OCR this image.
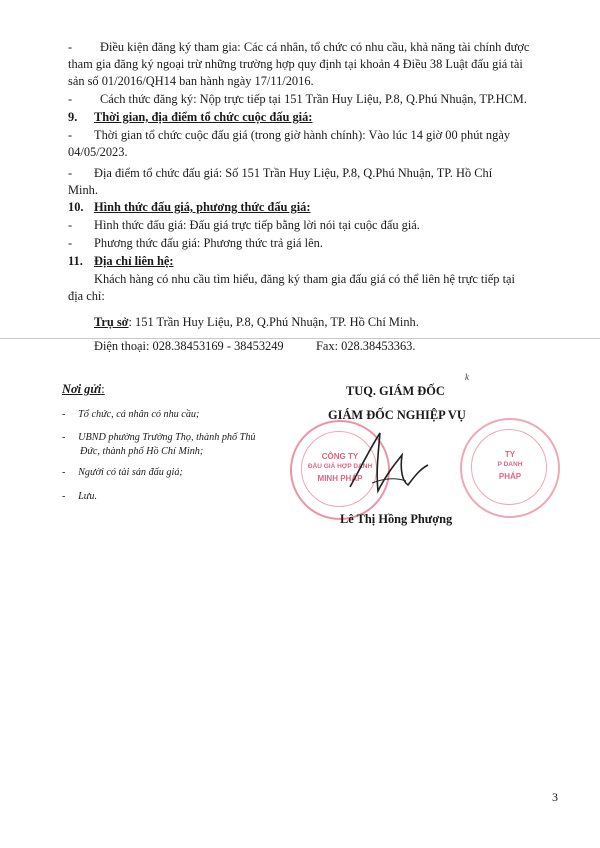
- Điều kiện đăng ký tham gia: Các cá nhân, tổ chức có nhu cầu, khả năng tài chính được
tham gia đăng ký ngoại trừ những trường hợp quy định tại khoản 4 Điều 38 Luật đấu giá tài
sản số 01/2016/QH14 ban hành ngày 17/11/2016.
- Cách thức đăng ký: Nộp trực tiếp tại 151 Trần Huy Liệu, P.8, Q.Phú Nhuận, TP.HCM.
9. Thời gian, địa điểm tổ chức cuộc đấu giá:
- Thời gian tổ chức cuộc đấu giá (trong giờ hành chính): Vào lúc 14 giờ 00 phút ngày
04/05/2023.
- Địa điểm tổ chức đấu giá: Số 151 Trần Huy Liệu, P.8, Q.Phú Nhuận, TP. Hồ Chí
Minh.
10. Hình thức đấu giá, phương thức đấu giá:
- Hình thức đấu giá: Đấu giá trực tiếp bằng lời nói tại cuộc đấu giá.
- Phương thức đấu giá: Phương thức trả giá lên.
11. Địa chỉ liên hệ:
Khách hàng có nhu cầu tìm hiểu, đăng ký tham gia đấu giá có thể liên hệ trực tiếp tại
địa chỉ:
Trụ sở: 151 Trần Huy Liệu, P.8, Q.Phú Nhuận, TP. Hồ Chí Minh.
Điện thoại: 028.38453169 - 38453249	Fax: 028.38453363.
Nơi gửi:
-     Tổ chức, cá nhân có nhu cầu;
-     UBND phường Trường Thọ, thành phố Thủ
Đức, thành phố Hồ Chí Minh;
-     Người có tài sản đấu giá;
-     Lưu.
TUQ. GIÁM ĐỐC
k
GIÁM ĐỐC NGHIỆP VỤ
CÔNG TY
ĐẤU GIÁ HỢP DANH
MINH PHÁP
TY
P DANH
PHÁP
Lê Thị Hồng Phượng
3
